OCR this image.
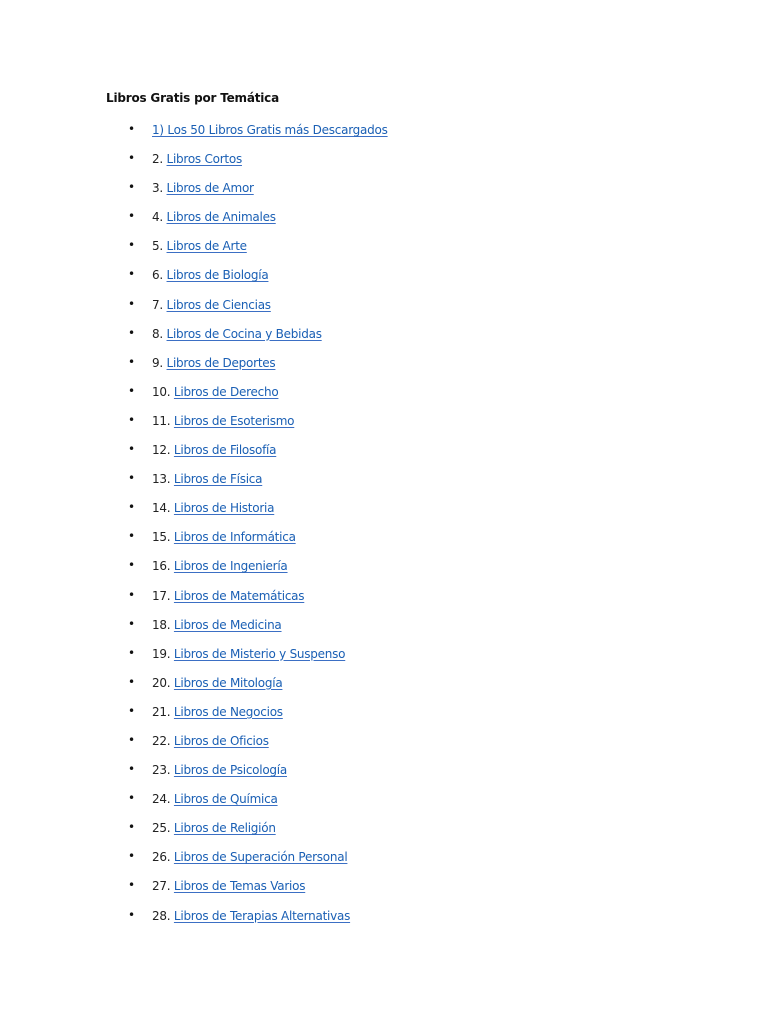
Libros Gratis por Temática
• 1) Los 50 Libros Gratis más Descargados
• 2. Libros Cortos
• 3. Libros de Amor
• 4. Libros de Animales
• 5. Libros de Arte
• 6. Libros de Biología
• 7. Libros de Ciencias
• 8. Libros de Cocina y Bebidas
• 9. Libros de Deportes
• 10. Libros de Derecho
• 11. Libros de Esoterismo
• 12. Libros de Filosofía
• 13. Libros de Física
• 14. Libros de Historia
• 15. Libros de Informática
• 16. Libros de Ingeniería
• 17. Libros de Matemáticas
• 18. Libros de Medicina
• 19. Libros de Misterio y Suspenso
• 20. Libros de Mitología
• 21. Libros de Negocios
• 22. Libros de Oficios
• 23. Libros de Psicología
• 24. Libros de Química
• 25. Libros de Religión
• 26. Libros de Superación Personal
• 27. Libros de Temas Varios
• 28. Libros de Terapias Alternativas
